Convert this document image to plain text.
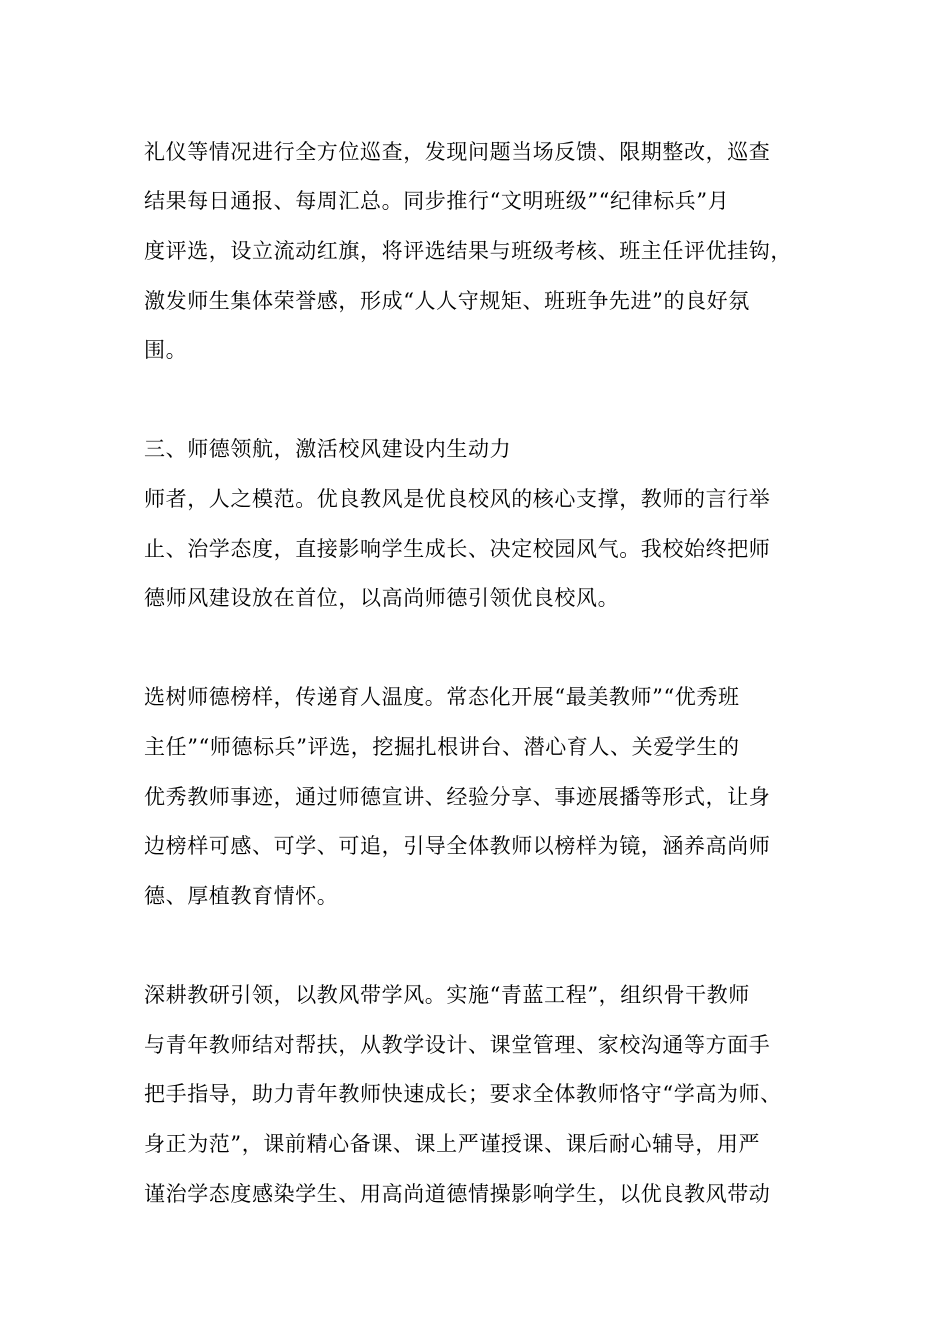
礼仪等情况进行全方位巡查，发现问题当场反馈、限期整改，巡查
结果每日通报、每周汇总。同步推行“文明班级”“纪律标兵”月
度评选，设立流动红旗，将评选结果与班级考核、班主任评优挂钩，
激发师生集体荣誉感，形成“人人守规矩、班班争先进”的良好氛
围。
三、师德领航，激活校风建设内生动力
师者，人之模范。优良教风是优良校风的核心支撑，教师的言行举
止、治学态度，直接影响学生成长、决定校园风气。我校始终把师
德师风建设放在首位，以高尚师德引领优良校风。
选树师德榜样，传递育人温度。常态化开展“最美教师”“优秀班
主任”“师德标兵”评选，挖掘扎根讲台、潜心育人、关爱学生的
优秀教师事迹，通过师德宣讲、经验分享、事迹展播等形式，让身
边榜样可感、可学、可追，引导全体教师以榜样为镜，涵养高尚师
德、厚植教育情怀。
深耕教研引领，以教风带学风。实施“青蓝工程”，组织骨干教师
与青年教师结对帮扶，从教学设计、课堂管理、家校沟通等方面手
把手指导，助力青年教师快速成长；要求全体教师恪守“学高为师、
身正为范”，课前精心备课、课上严谨授课、课后耐心辅导，用严
谨治学态度感染学生、用高尚道德情操影响学生，以优良教风带动
